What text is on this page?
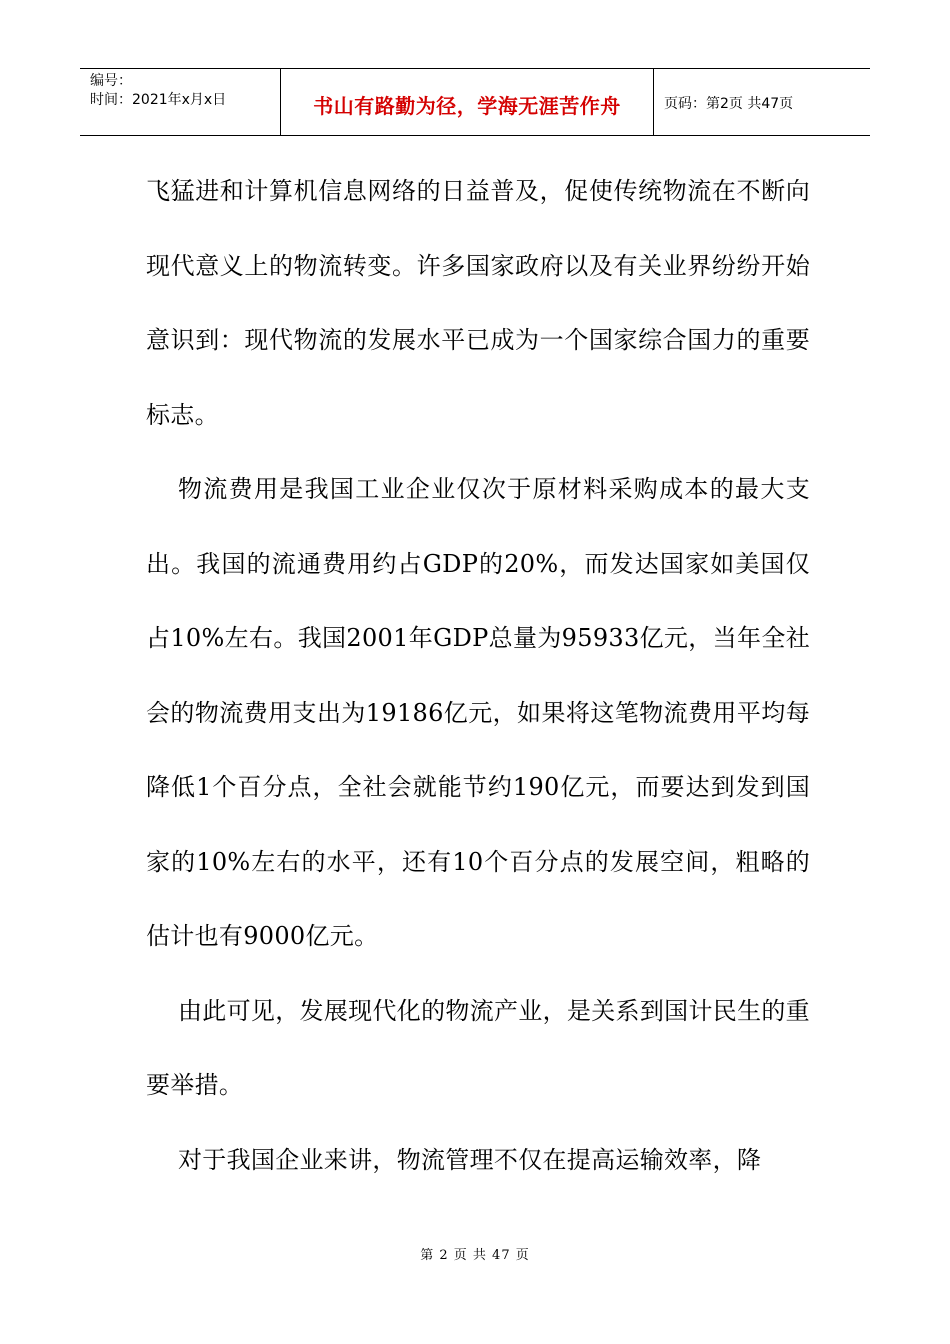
编号：
时间：2021年x月x日	书山有路勤为径，学海无涯苦作舟	页码：第2页 共47页

飞猛进和计算机信息网络的日益普及，促使传统物流在不断向现代意义上的物流转变。许多国家政府以及有关业界纷纷开始意识到：现代物流的发展水平已成为一个国家综合国力的重要标志。

物流费用是我国工业企业仅次于原材料采购成本的最大支出。我国的流通费用约占GDP的20%，而发达国家如美国仅占10%左右。我国2001年GDP总量为95933亿元，当年全社会的物流费用支出为19186亿元，如果将这笔物流费用平均每降低1个百分点，全社会就能节约190亿元，而要达到发到国家的10%左右的水平，还有10个百分点的发展空间，粗略的估计也有9000亿元。

由此可见，发展现代化的物流产业，是关系到国计民生的重要举措。

对于我国企业来讲，物流管理不仅在提高运输效率，降

第 2 页 共 47 页
